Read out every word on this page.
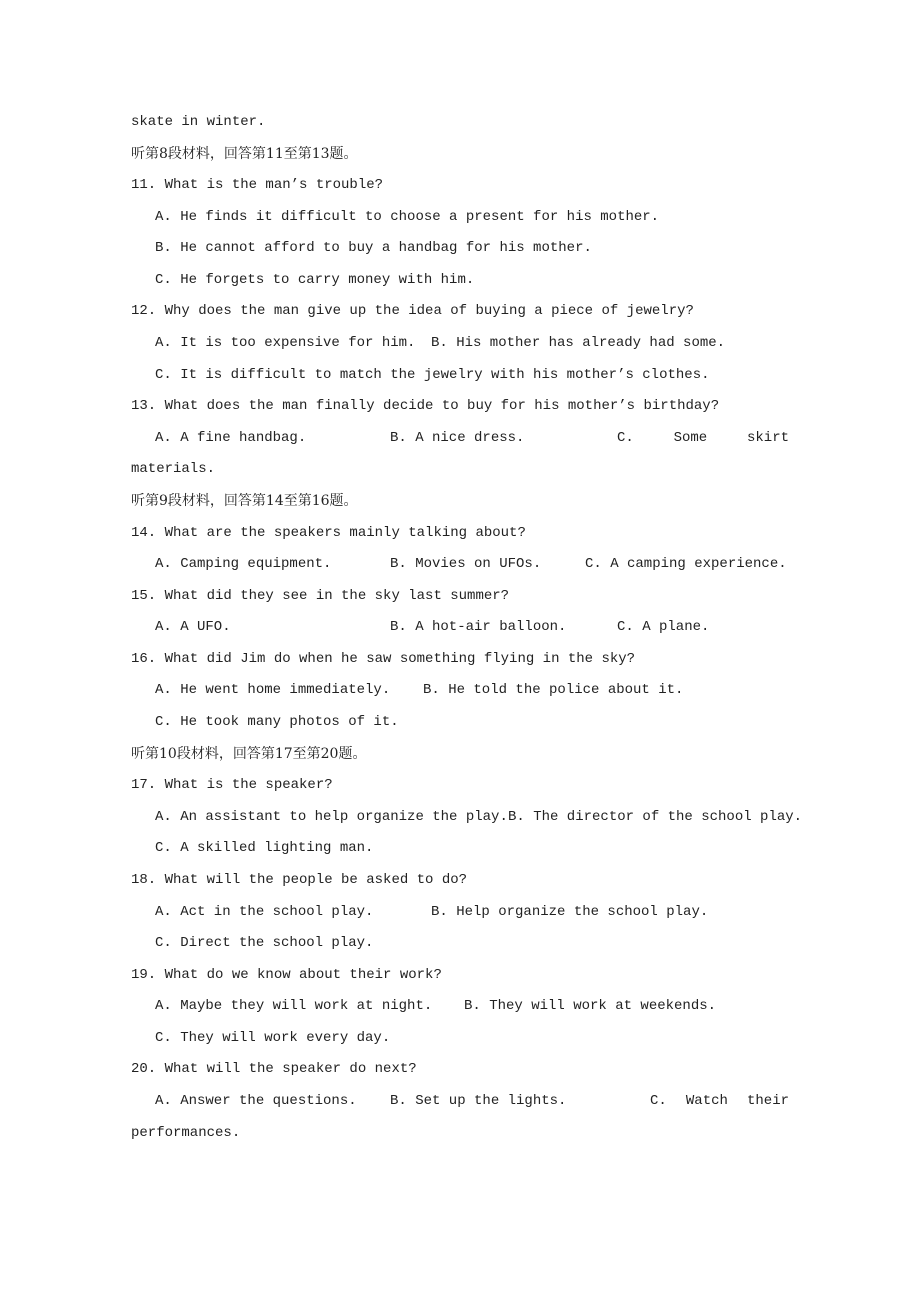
skate in winter.
听第8段材料，回答第11至第13题。
11. What is the man’s trouble?
A. He finds it difficult to choose a present for his mother.
B. He cannot afford to buy a handbag for his mother.
C. He forgets to carry money with him.
12. Why does the man give up the idea of buying a piece of jewelry?
A. It is too expensive for him. B. His mother has already had some.
C. It is difficult to match the jewelry with his mother’s clothes.
13. What does the man finally decide to buy for his mother’s birthday?
A. A fine handbag.	B. A nice dress.	C. Some skirt
materials.
听第9段材料，回答第14至第16题。
14. What are the speakers mainly talking about?
A. Camping equipment.	B. Movies on UFOs.	C. A camping experience.
15. What did they see in the sky last summer?
A. A UFO.	B. A hot-air balloon.	C. A plane.
16. What did Jim do when he saw something flying in the sky?
A. He went home immediately. B. He told the police about it.
C. He took many photos of it.
听第10段材料，回答第17至第20题。
17. What is the speaker?
A. An assistant to help organize the play. B. The director of the school play.
C. A skilled lighting man.
18. What will the people be asked to do?
A. Act in the school play.	B. Help organize the school play.
C. Direct the school play.
19. What do we know about their work?
A. Maybe they will work at night. B. They will work at weekends.
C. They will work every day.
20. What will the speaker do next?
A. Answer the questions. B. Set up the lights.	C. Watch their
performances.
